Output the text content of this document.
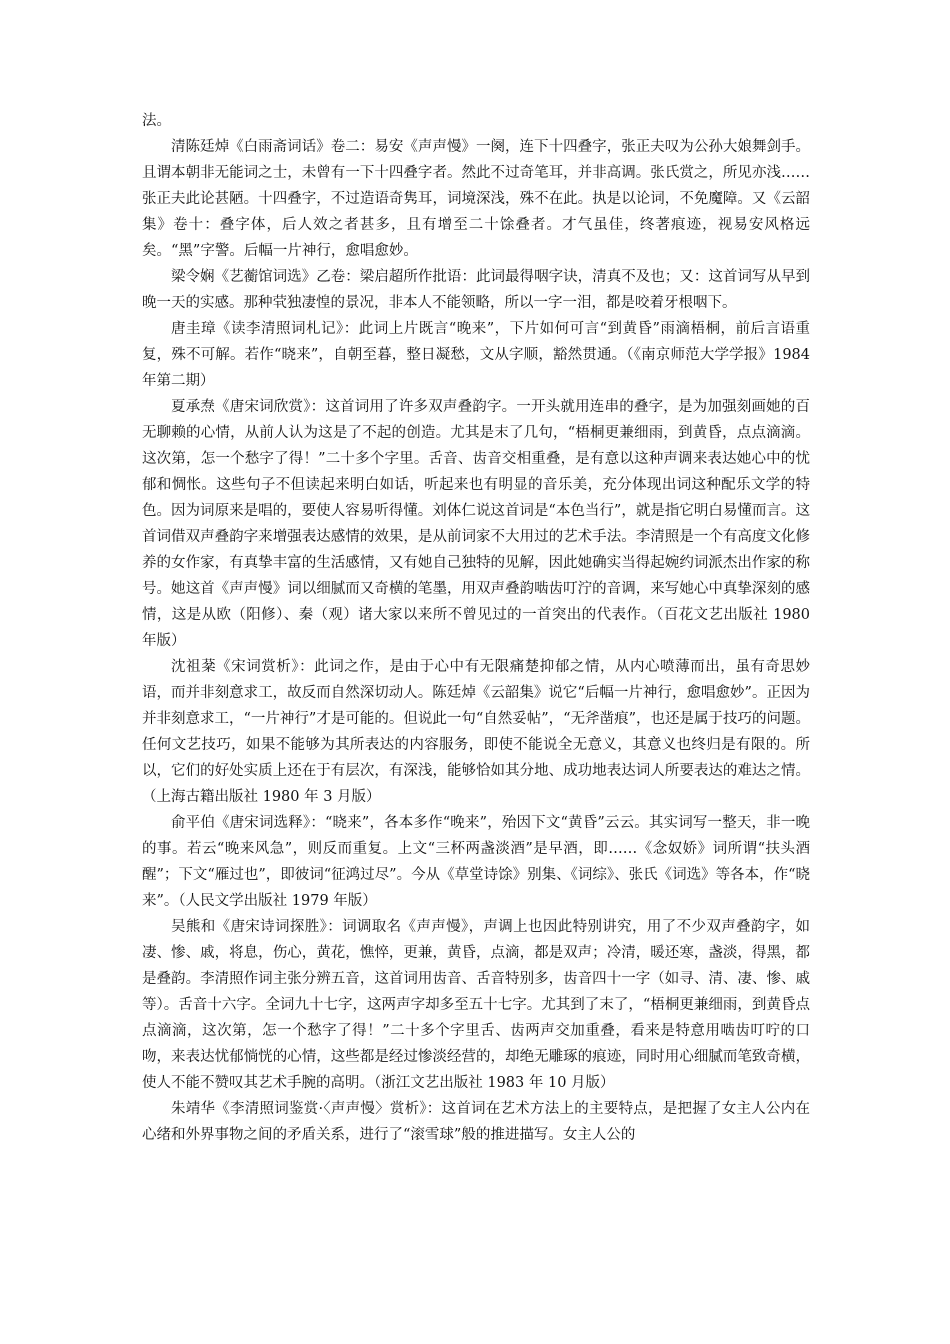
法。

清陈廷焯《白雨斋词话》卷二：易安《声声慢》一阕，连下十四叠字，张正夫叹为公孙大娘舞剑手。且谓本朝非无能词之士，未曾有一下十四叠字者。然此不过奇笔耳，并非高调。张氏赏之，所见亦浅……张正夫此论甚陋。十四叠字，不过造语奇隽耳，词境深浅，殊不在此。执是以论词，不免魔障。又《云韶集》卷十：叠字体，后人效之者甚多，且有增至二十馀叠者。才气虽佳，终著痕迹，视易安风格远矣。“黑”字警。后幅一片神行，愈唱愈妙。

梁令娴《艺蘅馆词选》乙卷：梁启超所作批语：此词最得咽字诀，清真不及也；又：这首词写从早到晚一天的实感。那种茕独凄惶的景况，非本人不能领略，所以一字一泪，都是咬着牙根咽下。

唐圭璋《读李清照词札记》：此词上片既言“晚来”，下片如何可言“到黄昏”雨滴梧桐，前后言语重复，殊不可解。若作“晓来”，自朝至暮，整日凝愁，文从字顺，豁然贯通。（《南京师范大学学报》1984年第二期）

夏承焘《唐宋词欣赏》：这首词用了许多双声叠韵字。一开头就用连串的叠字，是为加强刻画她的百无聊赖的心情，从前人认为这是了不起的创造。尤其是末了几句，“梧桐更兼细雨，到黄昏，点点滴滴。这次第，怎一个愁字了得！”二十多个字里。舌音、齿音交相重叠，是有意以这种声调来表达她心中的忧郁和惆怅。这些句子不但读起来明白如话，听起来也有明显的音乐美，充分体现出词这种配乐文学的特色。因为词原来是唱的，要使人容易听得懂。刘体仁说这首词是“本色当行”，就是指它明白易懂而言。这首词借双声叠韵字来增强表达感情的效果，是从前词家不大用过的艺术手法。李清照是一个有高度文化修养的女作家，有真挚丰富的生活感情，又有她自己独特的见解，因此她确实当得起婉约词派杰出作家的称号。她这首《声声慢》词以细腻而又奇横的笔墨，用双声叠韵啮齿叮泞的音调，来写她心中真挚深刻的感情，这是从欧（阳修）、秦（观）诸大家以来所不曾见过的一首突出的代表作。（百花文艺出版社 1980 年版）

沈祖棻《宋词赏析》：此词之作，是由于心中有无限痛楚抑郁之情，从内心喷薄而出，虽有奇思妙语，而并非刻意求工，故反而自然深切动人。陈廷焯《云韶集》说它“后幅一片神行，愈唱愈妙”。正因为并非刻意求工，“一片神行”才是可能的。但说此一句“自然妥帖”，“无斧凿痕”，也还是属于技巧的问题。任何文艺技巧，如果不能够为其所表达的内容服务，即使不能说全无意义，其意义也终归是有限的。所以，它们的好处实质上还在于有层次，有深浅，能够恰如其分地、成功地表达词人所要表达的难达之情。（上海古籍出版社 1980 年 3 月版）

俞平伯《唐宋词选释》：“晓来”，各本多作“晚来”，殆因下文“黄昏”云云。其实词写一整天，非一晚的事。若云“晚来风急”，则反而重复。上文“三杯两盏淡酒”是早酒，即……《念奴娇》词所谓“扶头酒醒”；下文“雁过也”，即彼词“征鸿过尽”。今从《草堂诗馀》别集、《词综》、张氏《词选》等各本，作“晓来”。（人民文学出版社 1979 年版）

吴熊和《唐宋诗词探胜》：词调取名《声声慢》，声调上也因此特别讲究，用了不少双声叠韵字，如凄、惨、戚，将息，伤心，黄花，憔悴，更兼，黄昏，点滴，都是双声；冷清，暖还寒，盏淡，得黑，都是叠韵。李清照作词主张分辨五音，这首词用齿音、舌音特别多，齿音四十一字（如寻、清、凄、惨、戚等）。舌音十六字。全词九十七字，这两声字却多至五十七字。尤其到了末了，“梧桐更兼细雨，到黄昏点点滴滴，这次第，怎一个愁字了得！”二十多个字里舌、齿两声交加重叠，看来是特意用啮齿叮咛的口吻，来表达忧郁惝恍的心情，这些都是经过惨淡经营的，却绝无雕琢的痕迹，同时用心细腻而笔致奇横，使人不能不赞叹其艺术手腕的高明。（浙江文艺出版社 1983 年 10 月版）

朱靖华《李清照词鉴赏·〈声声慢〉赏析》：这首词在艺术方法上的主要特点，是把握了女主人公内在心绪和外界事物之间的矛盾关系，进行了“滚雪球”般的推进描写。女主人公的
